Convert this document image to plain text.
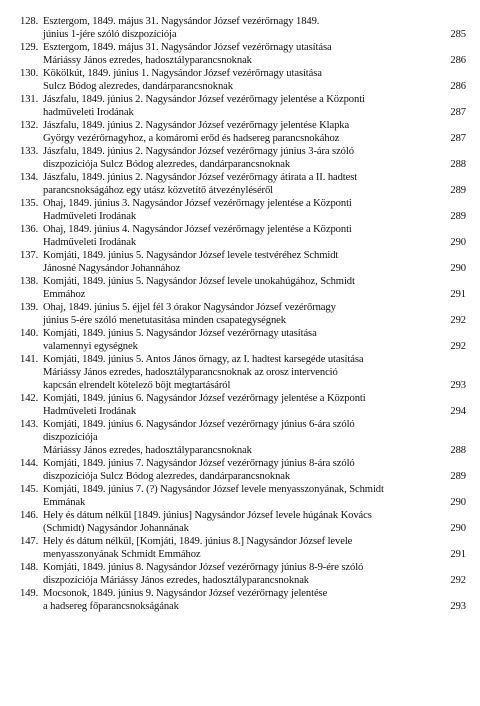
128. Esztergom, 1849. május 31. Nagysándor József vezérőrnagy 1849.
június 1-jére szóló diszpozíciója	285
129. Esztergom, 1849. május 31. Nagysándor József vezérőrnagy utasítása
Máriássy János ezredes, hadosztályparancsnoknak	286
130. Kökölkút, 1849. június 1. Nagysándor József vezérőrnagy utasítása
Sulcz Bódog alezredes, dandárparancsnoknak	286
131. Jászfalu, 1849. június 2. Nagysándor József vezérőrnagy jelentése a Központi
hadműveleti Irodának	287
132. Jászfalu, 1849. június 2. Nagysándor József vezérőrnagy jelentése Klapka
György vezérőrnagyhoz, a komáromi erőd és hadsereg parancsnokához	287
133. Jászfalu, 1849. június 2. Nagysándor József vezérőrnagy június 3-ára szóló
diszpozíciója Sulcz Bódog alezredes, dandárparancsnoknak	288
134. Jászfalu, 1849. június 2. Nagysándor József vezérőrnagy átirata a II. hadtest
parancsnokságához egy utász közvetítő átvezényléséről	289
135. Ohaj, 1849. június 3. Nagysándor József vezérőrnagy jelentése a Központi
Hadműveleti Irodának	289
136. Ohaj, 1849. június 4. Nagysándor József vezérőrnagy jelentése a Központi
Hadműveleti Irodának	290
137. Komjáti, 1849. június 5. Nagysándor József levele testvéréhez Schmidt
Jánosné Nagysándor Johannához	290
138. Komjáti, 1849. június 5. Nagysándor József levele unokahúgához, Schmidt
Emmához	291
139. Ohaj, 1849. június 5. éjjel fél 3 órakor Nagysándor József vezérőrnagy
június 5-ére szóló menetutasítása minden csapategységnek	292
140. Komjáti, 1849. június 5. Nagysándor József vezérőrnagy utasítása
valamennyi egységnek	292
141. Komjáti, 1849. június 5. Antos János őrnagy, az I. hadtest karsegéde utasítása
Máriássy János ezredes, hadosztályparancsnoknak az orosz intervenció
kapcsán elrendelt kötelező böjt megtartásáról	293
142. Komjáti, 1849. június 6. Nagysándor József vezérőrnagy jelentése a Központi
Hadműveleti Irodának	294
143. Komjáti, 1849. június 6. Nagysándor József vezérőrnagy június 6-ára szóló
diszpozíciója
Máriássy János ezredes, hadosztályparancsnoknak	288
144. Komjáti, 1849. június 7. Nagysándor József vezérőrnagy június 8-ára szóló
diszpozíciója Sulcz Bódog alezredes, dandárparancsnoknak	289
145. Komjáti, 1849. június 7. (?) Nagysándor József levele menyasszonyának, Schmidt
Emmának	290
146. Hely és dátum nélkül [1849. június] Nagysándor József levele húgának Kovács
(Schmidt) Nagysándor Johannának	290
147. Hely és dátum nélkül, [Komjáti, 1849. június 8.] Nagysándor József levele
menyasszonyának Schmidt Emmához	291
148. Komjáti, 1849. június 8. Nagysándor József vezérőrnagy június 8-9-ére szóló
diszpozíciója Máriássy János ezredes, hadosztályparancsnoknak	292
149. Mocsonok, 1849. június 9. Nagysándor József vezérőrnagy jelentése
a hadsereg főparancsnokságának	293
